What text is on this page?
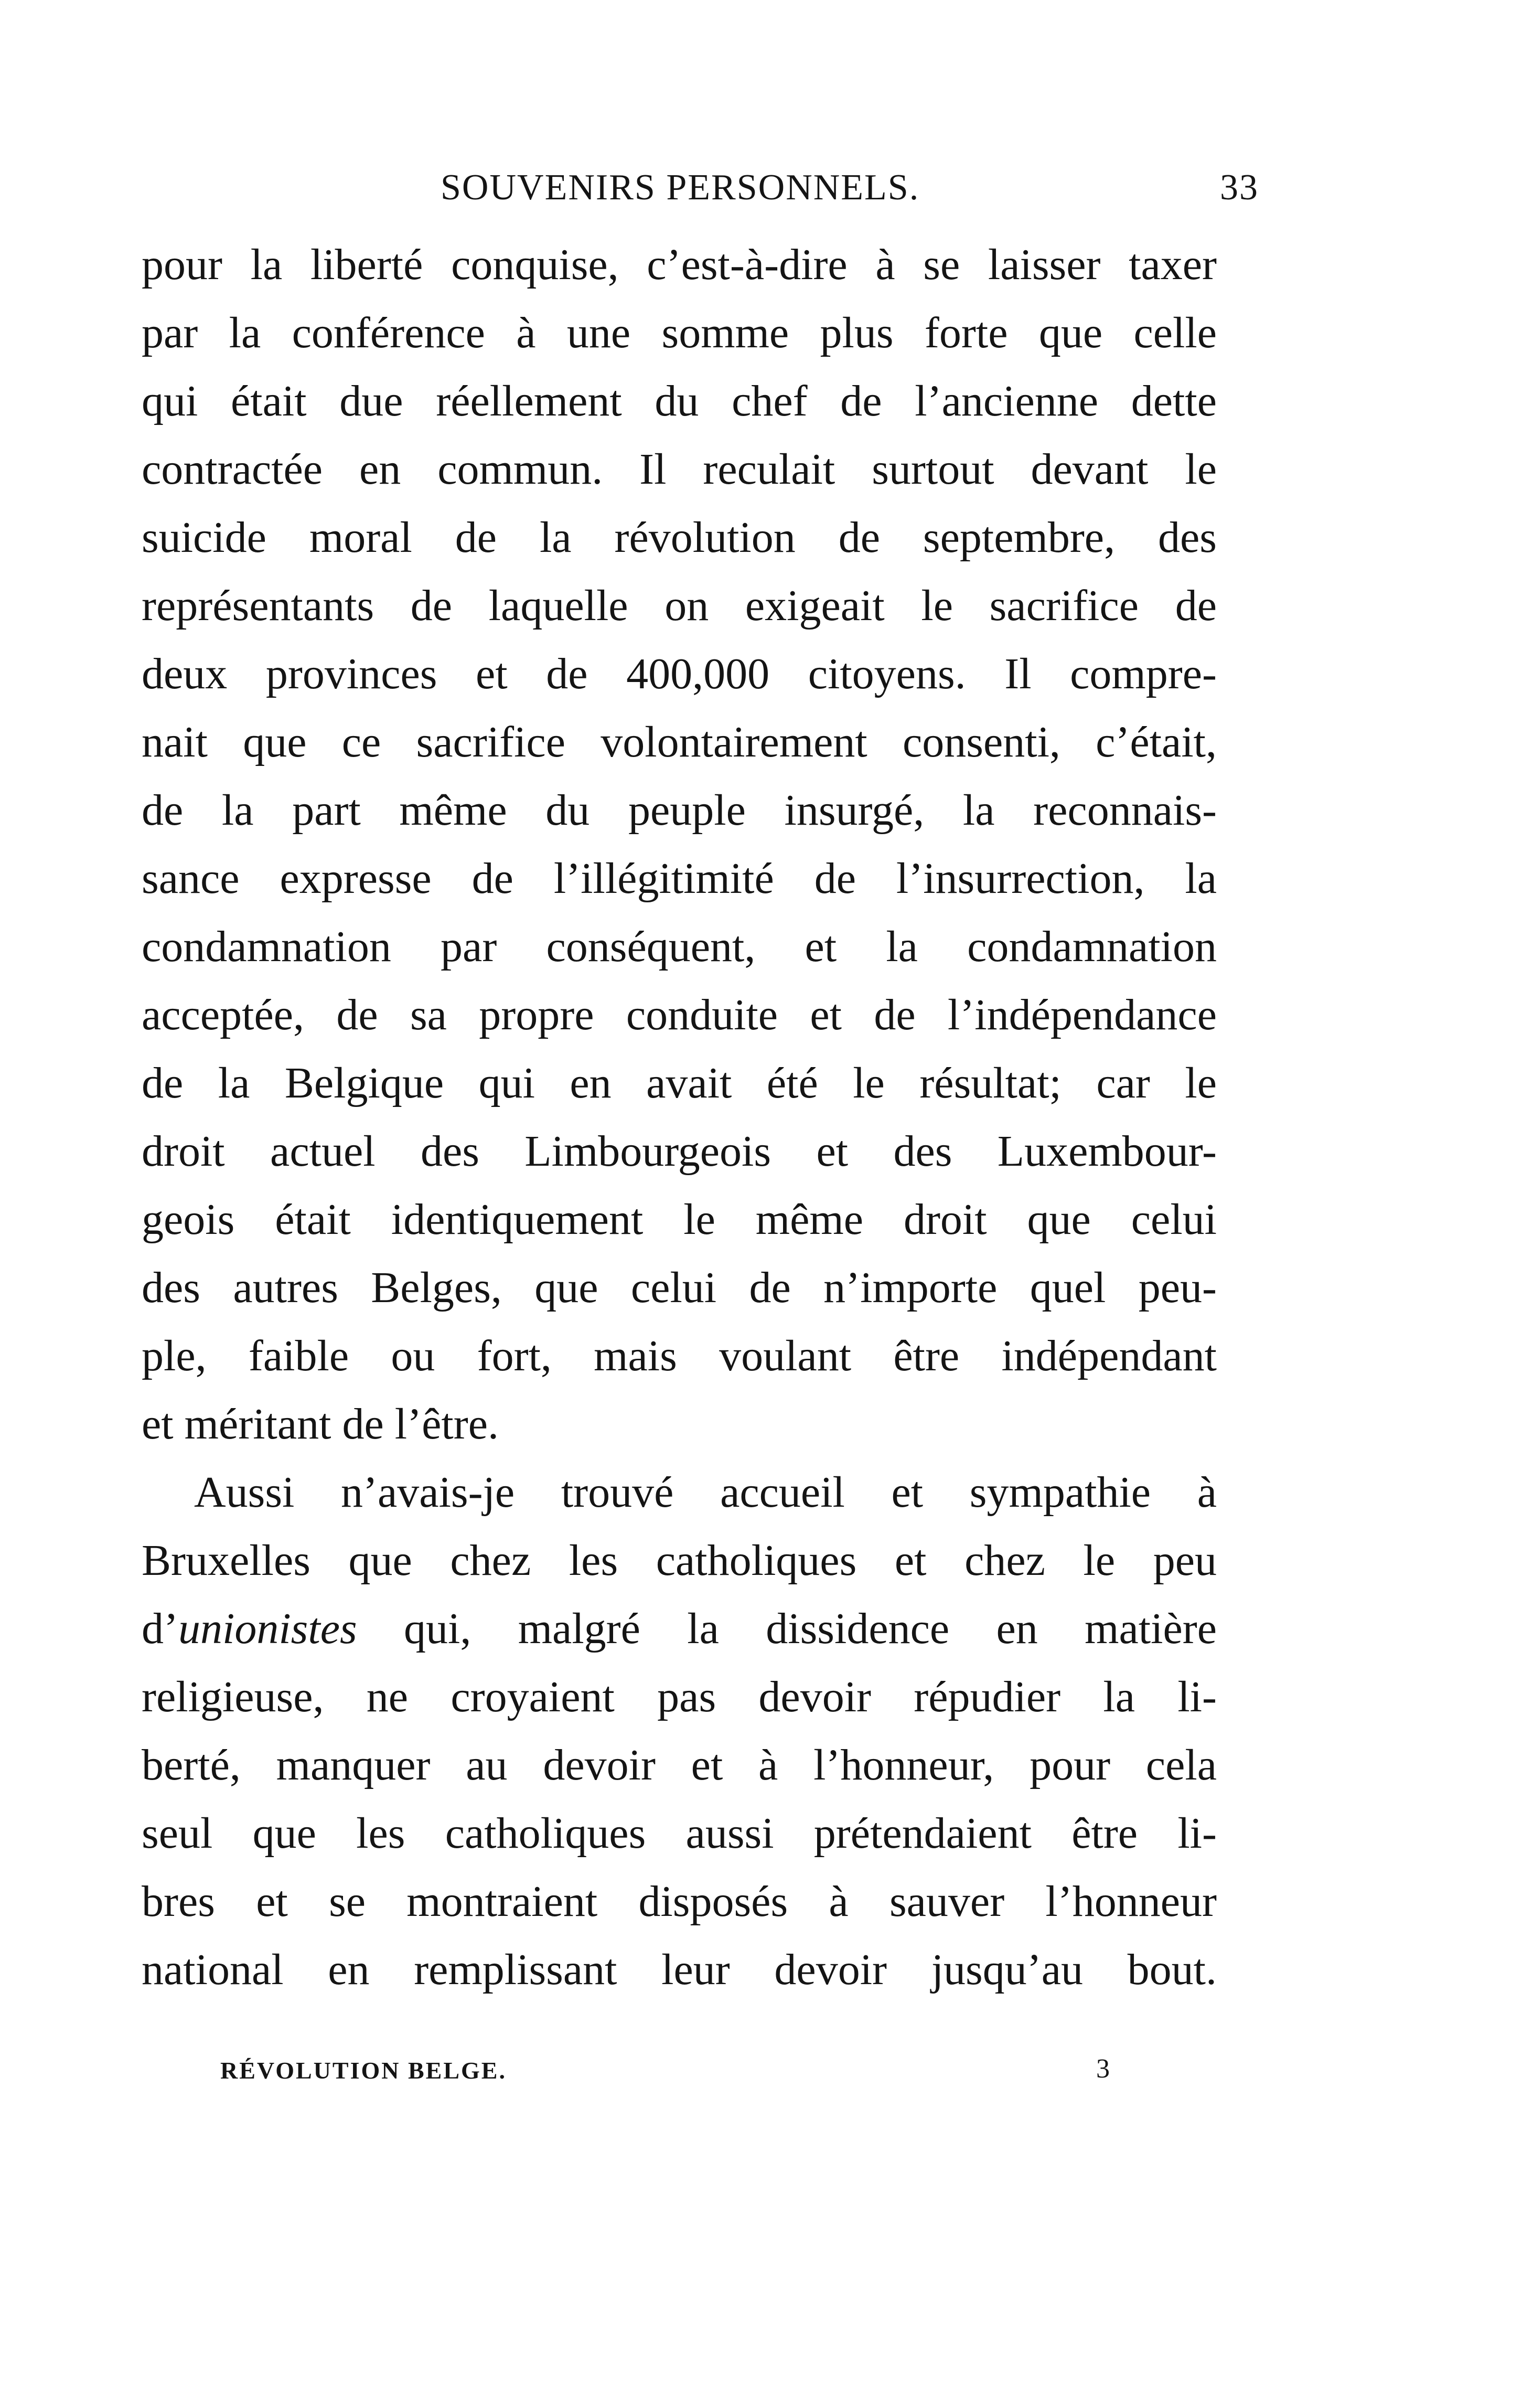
SOUVENIRS PERSONNELS.	33
pour la liberté conquise, c’est-à-dire à se laisser taxer
par la conférence à une somme plus forte que celle
qui était due réellement du chef de l’ancienne dette
contractée en commun. Il reculait surtout devant le
suicide moral de la révolution de septembre, des
représentants de laquelle on exigeait le sacrifice de
deux provinces et de 400,000 citoyens. Il compre-
nait que ce sacrifice volontairement consenti, c’était,
de la part même du peuple insurgé, la reconnais-
sance expresse de l’illégitimité de l’insurrection, la
condamnation par conséquent, et la condamnation
acceptée, de sa propre conduite et de l’indépendance
de la Belgique qui en avait été le résultat; car le
droit actuel des Limbourgeois et des Luxembour-
geois était identiquement le même droit que celui
des autres Belges, que celui de n’importe quel peu-
ple, faible ou fort, mais voulant être indépendant
et méritant de l’être.
Aussi n’avais-je trouvé accueil et sympathie à
Bruxelles que chez les catholiques et chez le peu
d’unionistes qui, malgré la dissidence en matière
religieuse, ne croyaient pas devoir répudier la li-
berté, manquer au devoir et à l’honneur, pour cela
seul que les catholiques aussi prétendaient être li-
bres et se montraient disposés à sauver l’honneur
national en remplissant leur devoir jusqu’au bout.
RÉVOLUTION BELGE.	3
